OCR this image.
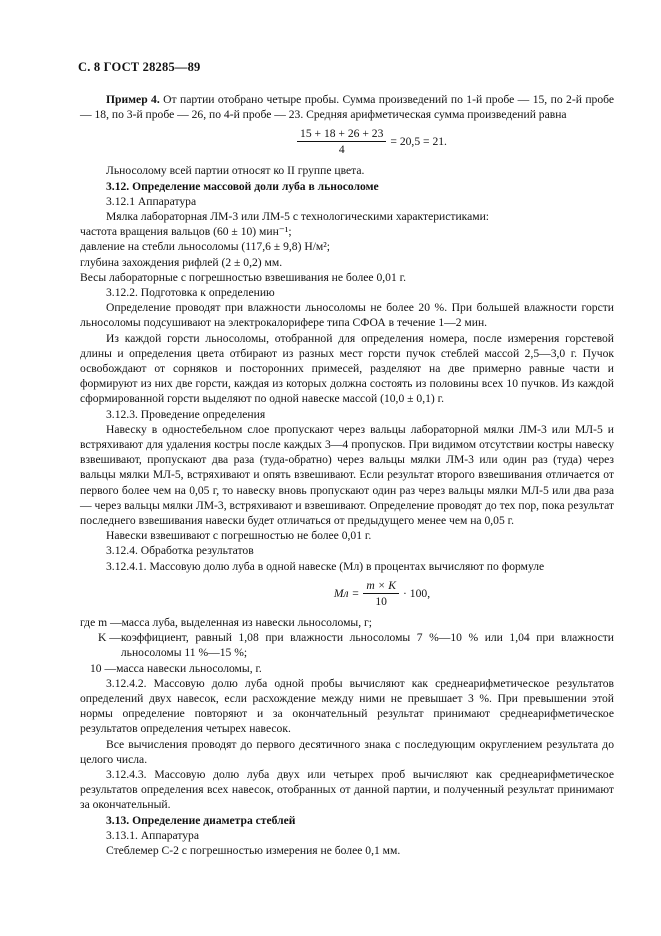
С. 8 ГОСТ 28285—89

Пример 4. От партии отобрано четыре пробы. Сумма произведений по 1-й пробе — 15, по 2-й пробе — 18, по 3-й пробе — 26, по 4-й пробе — 23. Средняя арифметическая сумма произведений равна

$\frac{15 + 18 + 26 + 23}{4} = 20,5 = 21$.

Льносолому всей партии относят ко II группе цвета.

3.12. Определение массовой доли луба в льносоломе

3.12.1 Аппаратура

Мялка лабораторная ЛМ-3 или ЛМ-5 с технологическими характеристиками:

частота вращения вальцов (60 ± 10) мин⁻¹;

давление на стебли льносоломы (117,6 ± 9,8) Н/м²;

глубина захождения рифлей (2 ± 0,2) мм.

Весы лабораторные с погрешностью взвешивания не более 0,01 г.

3.12.2. Подготовка к определению

Определение проводят при влажности льносоломы не более 20 %. При большей влажности горсти льносоломы подсушивают на электрокалорифере типа СФОА в течение 1—2 мин.

Из каждой горсти льносоломы, отобранной для определения номера, после измерения горстевой длины и определения цвета отбирают из разных мест горсти пучок стеблей массой 2,5—3,0 г. Пучок освобождают от сорняков и посторонних примесей, разделяют на две примерно равные части и формируют из них две горсти, каждая из которых должна состоять из половины всех 10 пучков. Из каждой сформированной горсти выделяют по одной навеске массой (10,0 ± 0,1) г.

3.12.3. Проведение определения

Навеску в одностебельном слое пропускают через вальцы лабораторной мялки ЛМ-3 или МЛ-5 и встряхивают для удаления костры после каждых 3—4 пропусков. При видимом отсутствии костры навеску взвешивают, пропускают два раза (туда-обратно) через вальцы мялки ЛМ-3 или один раз (туда) через вальцы мялки МЛ-5, встряхивают и опять взвешивают. Если результат второго взвешивания отличается от первого более чем на 0,05 г, то навеску вновь пропускают один раз через вальцы мялки МЛ-5 или два раза — через вальцы мялки ЛМ-3, встряхивают и взвешивают. Определение проводят до тех пор, пока результат последнего взвешивания навески будет отличаться от предыдущего менее чем на 0,05 г.

Навески взвешивают с погрешностью не более 0,01 г.

3.12.4. Обработка результатов

3.12.4.1. Массовую долю луба в одной навеске (Mл) в процентах вычисляют по формуле

Mл = $\frac{m \times K}{10} \cdot 100$,
где m — масса луба, выделенная из навески льносоломы, г;
K — коэффициент, равный 1,08 при влажности льносоломы 7 %—10 % или 1,04 при влажности льносоломы 11 %—15 %;
10 — масса навески льносоломы, г.

3.12.4.2. Массовую долю луба одной пробы вычисляют как среднеарифметическое результатов определений двух навесок, если расхождение между ними не превышает 3 %. При превышении этой нормы определение повторяют и за окончательный результат принимают среднеарифметическое результатов определения четырех навесок.

Все вычисления проводят до первого десятичного знака с последующим округлением результата до целого числа.

3.12.4.3. Массовую долю луба двух или четырех проб вычисляют как среднеарифметическое результатов определения всех навесок, отобранных от данной партии, и полученный результат принимают за окончательный.

3.13. Определение диаметра стеблей

3.13.1. Аппаратура

Стеблемер С-2 с погрешностью измерения не более 0,1 мм.
